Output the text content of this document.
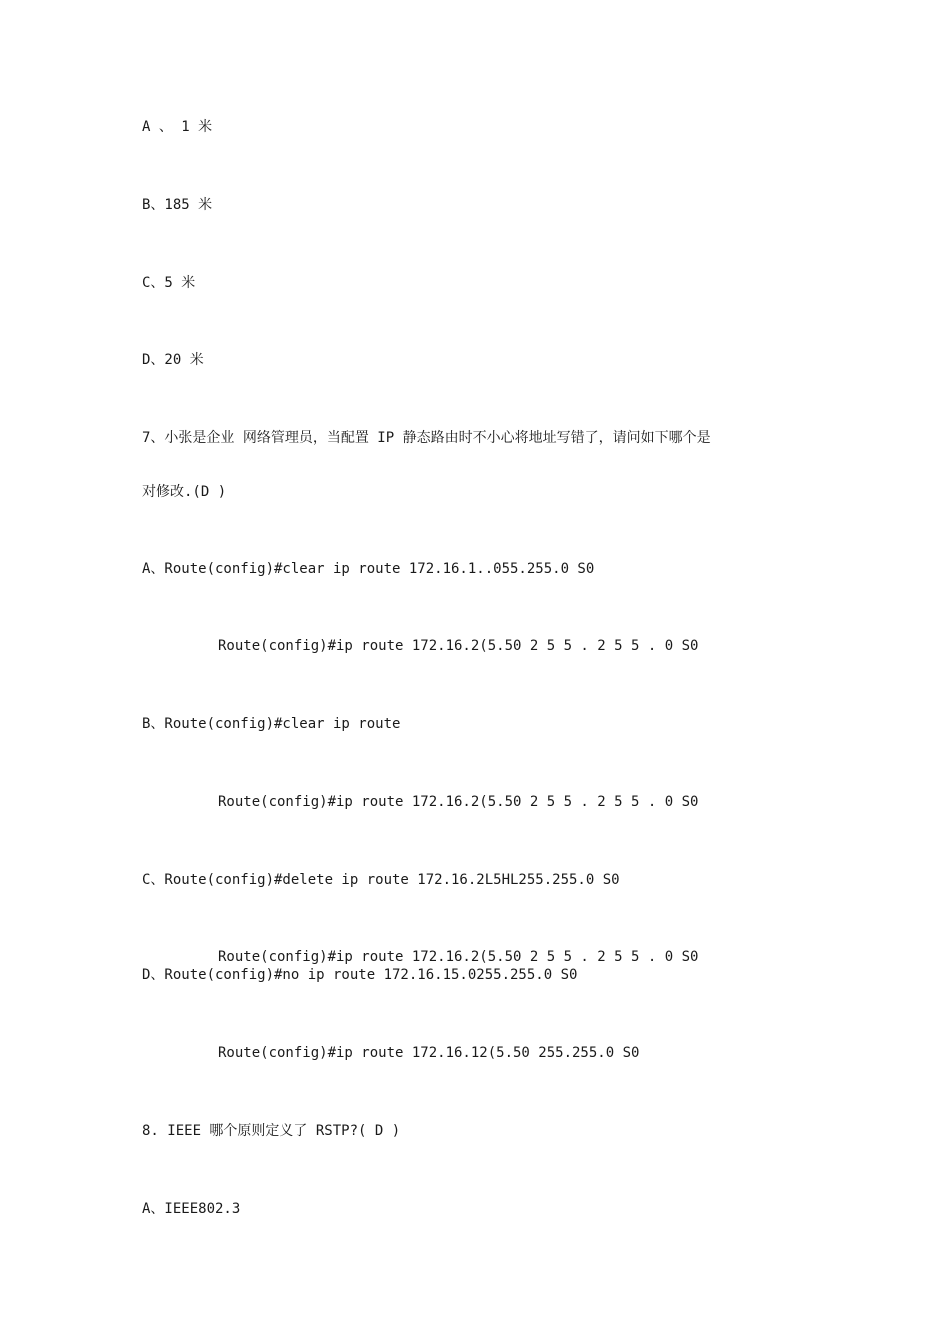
A 、 1 米

B、185 米

C、5 米

D、20 米

7、小张是企业 网络管理员，当配置 IP 静态路由时不小心将地址写错了，请问如下哪个是

对修改.(D )

A、Route(config)#clear ip route 172.16.1..055.255.0 S0

Route(config)#ip route 172.16.2(5.50 2 5 5 . 2 5 5 . 0 S0

B、Route(config)#clear ip route

Route(config)#ip route 172.16.2(5.50 2 5 5 . 2 5 5 . 0 S0

C、Route(config)#delete ip route 172.16.2L5HL255.255.0 S0

Route(config)#ip route 172.16.2(5.50 2 5 5 . 2 5 5 . 0 S0

D、Route(config)#no ip route 172.16.15.0255.255.0 S0

Route(config)#ip route 172.16.12(5.50 255.255.0 S0

8. IEEE 哪个原则定义了 RSTP?( D )

A、IEEE802.3
